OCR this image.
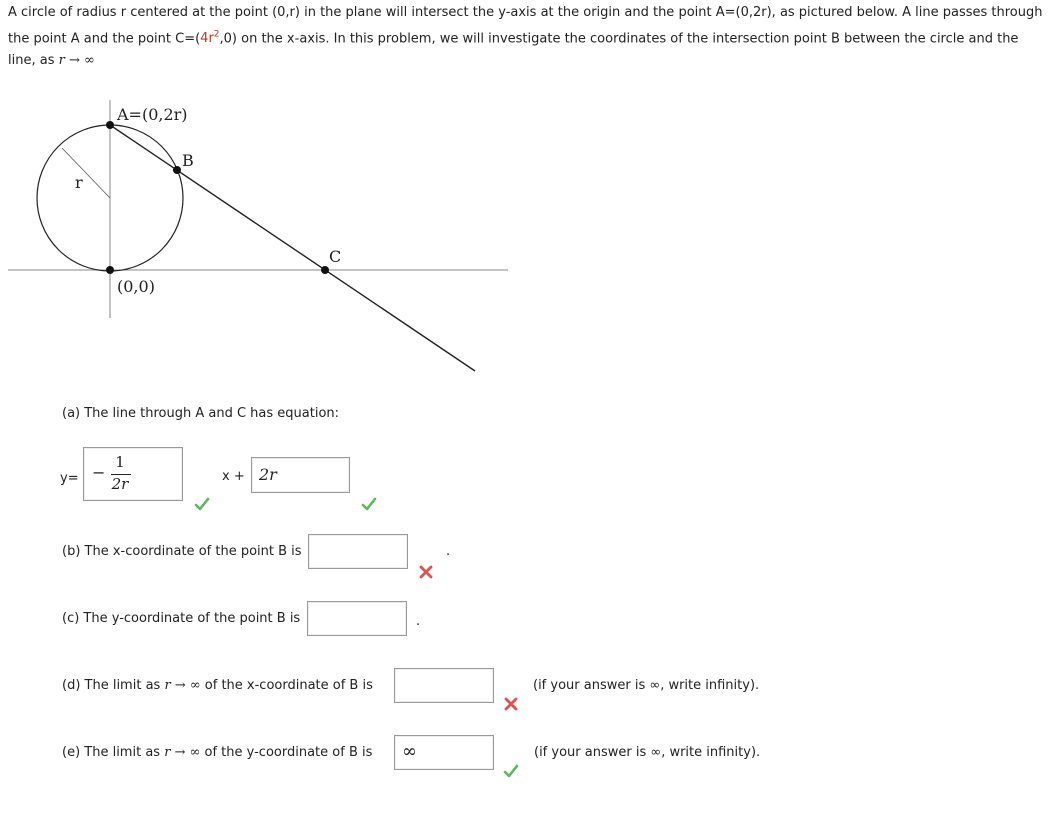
A circle of radius r centered at the point (0,r) in the plane will intersect the y-axis at the origin and the point A=(0,2r), as pictured below. A line passes through the point A and the point $C=(4r^2,0)$ on the x-axis. In this problem, we will investigate the coordinates of the intersection point B between the circle and the line, as r → ∞
A=(0,2r)
B
C
(0,0)
r
(a) The line through A and C has equation:
y= −
1
2r	x + 2r
(b) The x-coordinate of the point B is	.
(c) The y-coordinate of the point B is	.
(d) The limit as r → ∞ of the x-coordinate of B is	(if your answer is ∞, write infinity).
(e) The limit as r → ∞ of the y-coordinate of B is ∞	(if your answer is ∞, write infinity).
